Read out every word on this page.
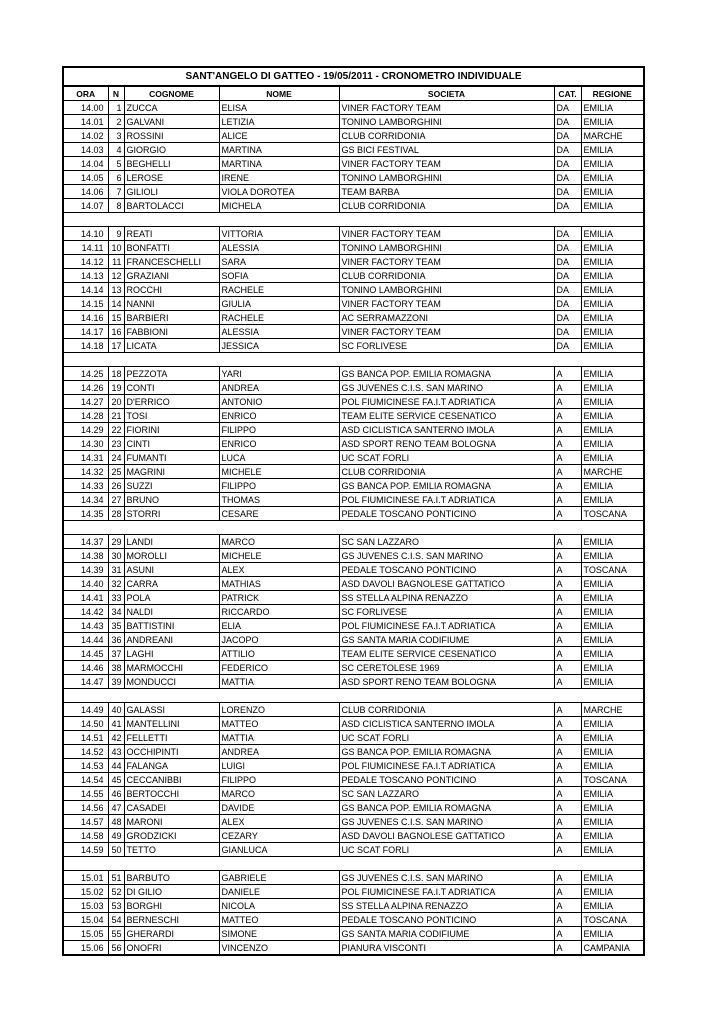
SANT'ANGELO DI GATTEO - 19/05/2011 - CRONOMETRO INDIVIDUALE						
ORA	N	COGNOME	NOME	SOCIETA	CAT.	REGIONE
14.00	1	ZUCCA	ELISA	VINER FACTORY TEAM	DA	EMILIA
14.01	2	GALVANI	LETIZIA	TONINO LAMBORGHINI	DA	EMILIA
14.02	3	ROSSINI	ALICE	CLUB CORRIDONIA	DA	MARCHE
14.03	4	GIORGIO	MARTINA	GS BICI FESTIVAL	DA	EMILIA
14.04	5	BEGHELLI	MARTINA	VINER FACTORY TEAM	DA	EMILIA
14.05	6	LEROSE	IRENE	TONINO LAMBORGHINI	DA	EMILIA
14.06	7	GILIOLI	VIOLA DOROTEA	TEAM BARBA	DA	EMILIA
14.07	8	BARTOLACCI	MICHELA	CLUB CORRIDONIA	DA	EMILIA

14.10	9	REATI	VITTORIA	VINER FACTORY TEAM	DA	EMILIA
14.11	10	BONFATTI	ALESSIA	TONINO LAMBORGHINI	DA	EMILIA
14.12	11	FRANCESCHELLI	SARA	VINER FACTORY TEAM	DA	EMILIA
14.13	12	GRAZIANI	SOFIA	CLUB CORRIDONIA	DA	EMILIA
14.14	13	ROCCHI	RACHELE	TONINO LAMBORGHINI	DA	EMILIA
14.15	14	NANNI	GIULIA	VINER FACTORY TEAM	DA	EMILIA
14.16	15	BARBIERI	RACHELE	AC SERRAMAZZONI	DA	EMILIA
14.17	16	FABBIONI	ALESSIA	VINER FACTORY TEAM	DA	EMILIA
14.18	17	LICATA	JESSICA	SC FORLIVESE	DA	EMILIA

14.25	18	PEZZOTA	YARI	GS BANCA POP. EMILIA ROMAGNA	A	EMILIA
14.26	19	CONTI	ANDREA	GS JUVENES C.I.S. SAN MARINO	A	EMILIA
14.27	20	D'ERRICO	ANTONIO	POL FIUMICINESE FA.I.T ADRIATICA	A	EMILIA
14.28	21	TOSI	ENRICO	TEAM ELITE SERVICE CESENATICO	A	EMILIA
14.29	22	FIORINI	FILIPPO	ASD CICLISTICA SANTERNO IMOLA	A	EMILIA
14.30	23	CINTI	ENRICO	ASD SPORT RENO TEAM BOLOGNA	A	EMILIA
14.31	24	FUMANTI	LUCA	UC SCAT FORLI	A	EMILIA
14.32	25	MAGRINI	MICHELE	CLUB CORRIDONIA	A	MARCHE
14.33	26	SUZZI	FILIPPO	GS BANCA POP. EMILIA ROMAGNA	A	EMILIA
14.34	27	BRUNO	THOMAS	POL FIUMICINESE FA.I.T ADRIATICA	A	EMILIA
14.35	28	STORRI	CESARE	PEDALE TOSCANO PONTICINO	A	TOSCANA

14.37	29	LANDI	MARCO	SC SAN LAZZARO	A	EMILIA
14.38	30	MOROLLI	MICHELE	GS JUVENES C.I.S. SAN MARINO	A	EMILIA
14.39	31	ASUNI	ALEX	PEDALE TOSCANO PONTICINO	A	TOSCANA
14.40	32	CARRA	MATHIAS	ASD DAVOLI BAGNOLESE GATTATICO	A	EMILIA
14.41	33	POLA	PATRICK	SS STELLA ALPINA RENAZZO	A	EMILIA
14.42	34	NALDI	RICCARDO	SC FORLIVESE	A	EMILIA
14.43	35	BATTISTINI	ELIA	POL FIUMICINESE FA.I.T ADRIATICA	A	EMILIA
14.44	36	ANDREANI	JACOPO	GS SANTA MARIA CODIFIUME	A	EMILIA
14.45	37	LAGHI	ATTILIO	TEAM ELITE SERVICE CESENATICO	A	EMILIA
14.46	38	MARMOCCHI	FEDERICO	SC CERETOLESE 1969	A	EMILIA
14.47	39	MONDUCCI	MATTIA	ASD SPORT RENO TEAM BOLOGNA	A	EMILIA

14.49	40	GALASSI	LORENZO	CLUB CORRIDONIA	A	MARCHE
14.50	41	MANTELLINI	MATTEO	ASD CICLISTICA SANTERNO IMOLA	A	EMILIA
14.51	42	FELLETTI	MATTIA	UC SCAT FORLI	A	EMILIA
14.52	43	OCCHIPINTI	ANDREA	GS BANCA POP. EMILIA ROMAGNA	A	EMILIA
14.53	44	FALANGA	LUIGI	POL FIUMICINESE FA.I.T ADRIATICA	A	EMILIA
14.54	45	CECCANIBBI	FILIPPO	PEDALE TOSCANO PONTICINO	A	TOSCANA
14.55	46	BERTOCCHI	MARCO	SC SAN LAZZARO	A	EMILIA
14.56	47	CASADEI	DAVIDE	GS BANCA POP. EMILIA ROMAGNA	A	EMILIA
14.57	48	MARONI	ALEX	GS JUVENES C.I.S. SAN MARINO	A	EMILIA
14.58	49	GRODZICKI	CEZARY	ASD DAVOLI BAGNOLESE GATTATICO	A	EMILIA
14.59	50	TETTO	GIANLUCA	UC SCAT FORLI	A	EMILIA

15.01	51	BARBUTO	GABRIELE	GS JUVENES C.I.S. SAN MARINO	A	EMILIA
15.02	52	DI GILIO	DANIELE	POL FIUMICINESE FA.I.T ADRIATICA	A	EMILIA
15.03	53	BORGHI	NICOLA	SS STELLA ALPINA RENAZZO	A	EMILIA
15.04	54	BERNESCHI	MATTEO	PEDALE TOSCANO PONTICINO	A	TOSCANA
15.05	55	GHERARDI	SIMONE	GS SANTA MARIA CODIFIUME	A	EMILIA
15.06	56	ONOFRI	VINCENZO	PIANURA VISCONTI	A	CAMPANIA
